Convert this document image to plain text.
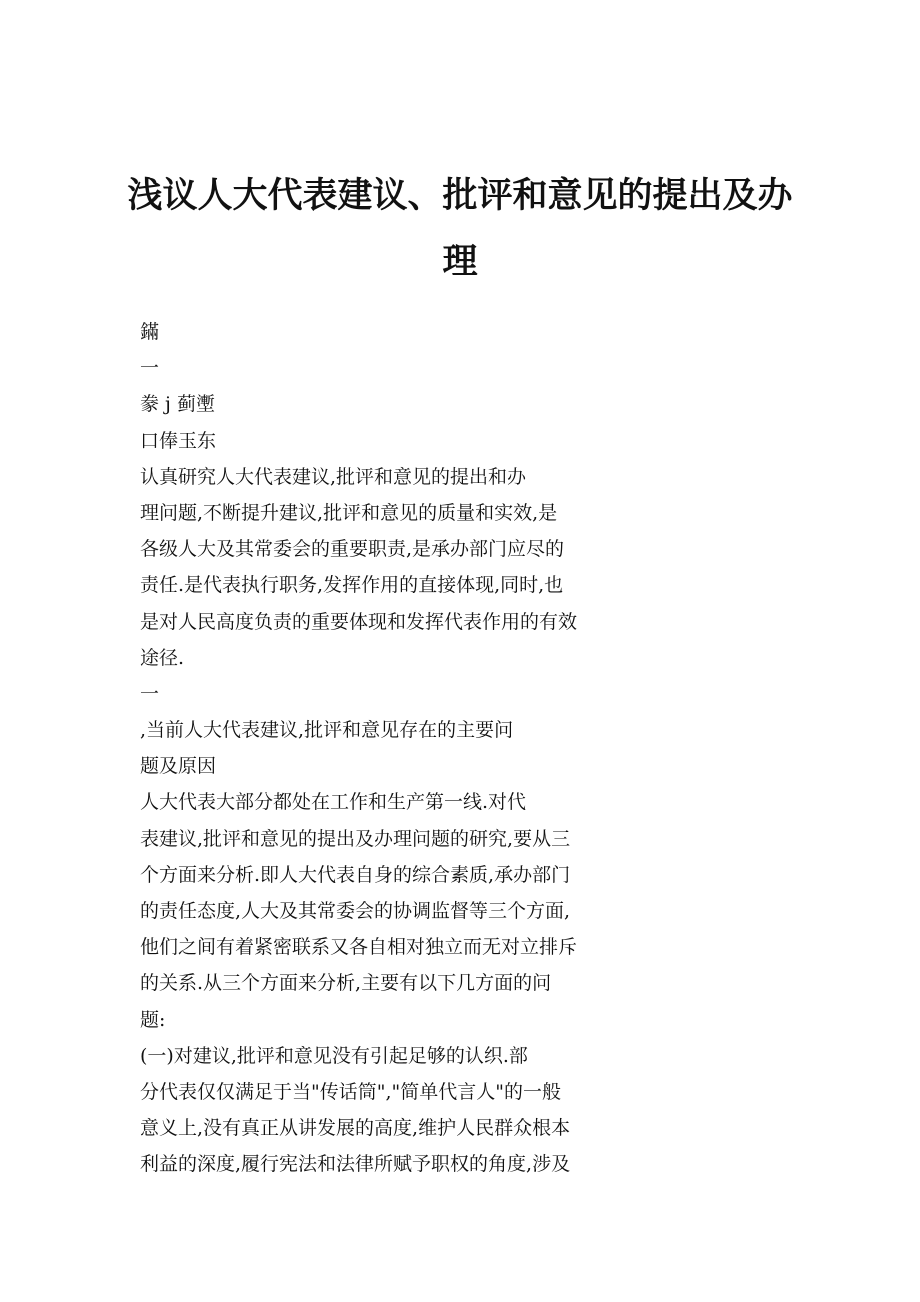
浅议人大代表建议、批评和意见的提出及办
理
鏋
一
豢 j 蓟壍
口俸玉东
认真研究人大代表建议,批评和意见的提出和办
理问题,不断提升建议,批评和意见的质量和实效,是
各级人大及其常委会的重要职责,是承办部门应尽的
责任.是代表执行职务,发挥作用的直接体现,同时,也
是对人民高度负责的重要体现和发挥代表作用的有效
途径.
一
,当前人大代表建议,批评和意见存在的主要问
题及原因
人大代表大部分都处在工作和生产第一线.对代
表建议,批评和意见的提出及办理问题的研究,要从三
个方面来分析.即人大代表自身的综合素质,承办部门
的责任态度,人大及其常委会的协调监督等三个方面,
他们之间有着紧密联系又各自相对独立而无对立排斥
的关系.从三个方面来分析,主要有以下几方面的问
题:
(一)对建议,批评和意见没有引起足够的认织.部
分代表仅仅满足于当"传话筒","简单代言人"的一般
意义上,没有真正从讲发展的高度,维护人民群众根本
利益的深度,履行宪法和法律所赋予职权的角度,涉及
